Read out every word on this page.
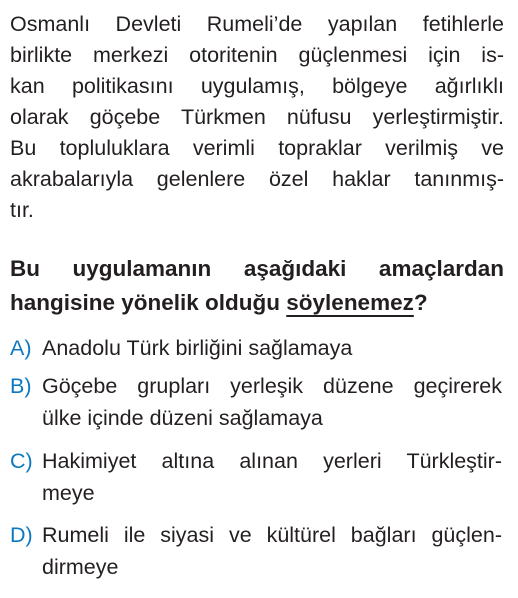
Osmanlı Devleti Rumeli’de yapılan fetihlerle
birlikte merkezi otoritenin güçlenmesi için is-
kan politikasını uygulamış, bölgeye ağırlıklı
olarak göçebe Türkmen nüfusu yerleştirmiştir.
Bu topluluklara verimli topraklar verilmiş ve
akrabalarıyla gelenlere özel haklar tanınmış-
tır.
Bu uygulamanın aşağıdaki amaçlardan
hangisine yönelik olduğu söylenemez?
A) Anadolu Türk birliğini sağlamaya
B) Göçebe grupları yerleşik düzene geçirerek
ülke içinde düzeni sağlamaya
C) Hakimiyet altına alınan yerleri Türkleştir-
meye
D) Rumeli ile siyasi ve kültürel bağları güçlen-
dirmeye
